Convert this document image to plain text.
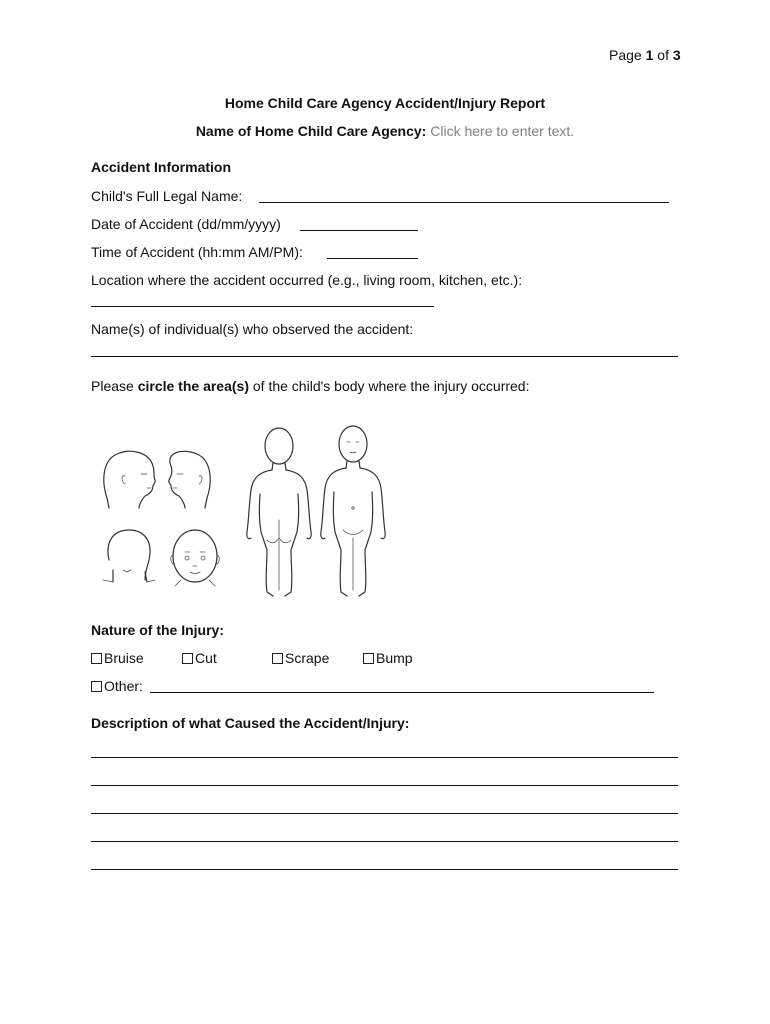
Page 1 of 3
Home Child Care Agency Accident/Injury Report
Name of Home Child Care Agency: Click here to enter text.
Accident Information
Child's Full Legal Name:
Date of Accident (dd/mm/yyyy)
Time of Accident (hh:mm AM/PM):
Location where the accident occurred (e.g., living room, kitchen, etc.):
Name(s) of individual(s) who observed the accident:
Please circle the area(s) of the child's body where the injury occurred:
Nature of the Injury:
Bruise	Cut	Scrape	Bump
Other:
Description of what Caused the Accident/Injury:
